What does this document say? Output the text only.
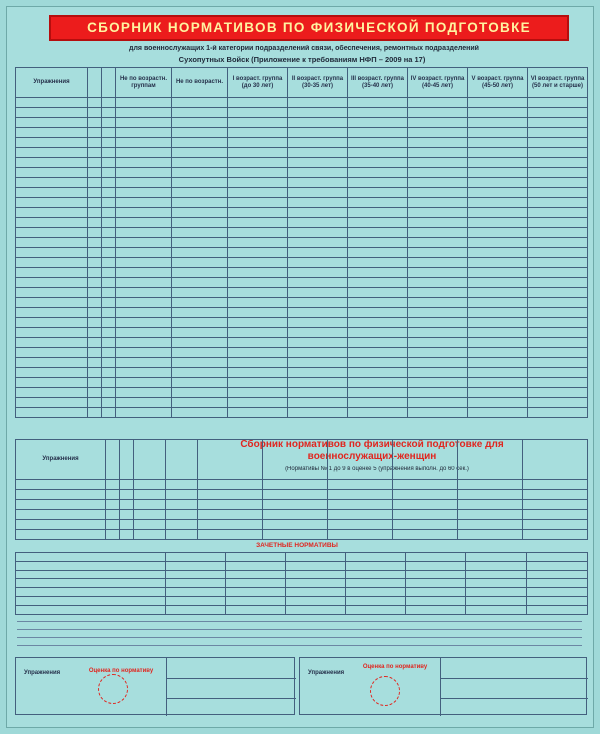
СБОРНИК НОРМАТИВОВ ПО ФИЗИЧЕСКОЙ ПОДГОТОВКЕ
для военнослужащих 1-й категории подразделений связи, обеспечения, ремонтных подразделений
Сухопутных Войск (Приложение к требованиям НФП – 2009 на 17)
Упражнения			Не по возрастн. группам	Не по возрастн.	I возраст. группа (до 30 лет)	II возраст. группа (30-35 лет)	III возраст. группа (35-40 лет)	IV возраст. группа (40-45 лет)	V возраст. группа (45-50 лет)	VI возраст. группа (50 лет и старше)

Сборник нормативов по физической подготовке для военнослужащих-женщин
(Нормативы № 1 до 9 в оценке 5 (упражнения выполн. до 60 сек.)
Упражнения										

ЗАЧЕТНЫЕ НОРМАТИВЫ

Упражнения	Оценка по нормативу	Упражнения
Оценка по нормативу
